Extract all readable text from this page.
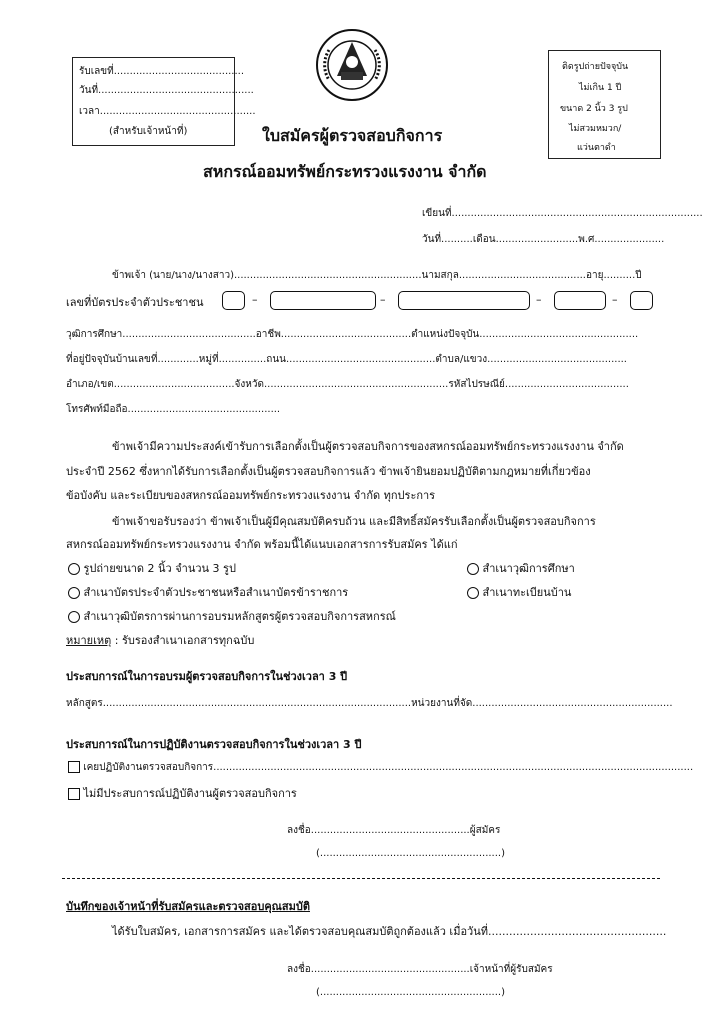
รับเลขที่.........................................
วันที่.................................................
เวลา.................................................
(สำหรับเจ้าหน้าที่)
ติดรูปถ่ายปัจจุบัน
ไม่เกิน 1 ปี
ขนาด 2 นิ้ว 3 รูป
ไม่สวมหมวก/
แว่นตาดำ
ใบสมัครผู้ตรวจสอบกิจการ
สหกรณ์ออมทรัพย์กระทรวงแรงงาน จำกัด
เขียนที่...............................................................................
วันที่..........เดือน..........................พ.ศ......................
ข้าพเจ้า (นาย/นาง/นางสาว)...........................................................นามสกุล........................................อายุ..........ปี
เลขที่บัตรประจำตัวประชาชน	–	–	–	–
วุฒิการศึกษา..........................................อาชีพ.........................................ตำแหน่งปัจจุบัน..................................................
ที่อยู่ปัจจุบันบ้านเลขที่.............หมู่ที่...............ถนน...............................................ตำบล/แขวง............................................
อำเภอ/เขต......................................จังหวัด..........................................................รหัสไปรษณีย์.......................................
โทรศัพท์มือถือ................................................
ข้าพเจ้ามีความประสงค์เข้ารับการเลือกตั้งเป็นผู้ตรวจสอบกิจการของสหกรณ์ออมทรัพย์กระทรวงแรงงาน จำกัด
ประจำปี 2562 ซึ่งหากได้รับการเลือกตั้งเป็นผู้ตรวจสอบกิจการแล้ว ข้าพเจ้ายินยอมปฏิบัติตามกฎหมายที่เกี่ยวข้อง
ข้อบังคับ และระเบียบของสหกรณ์ออมทรัพย์กระทรวงแรงงาน จำกัด ทุกประการ
ข้าพเจ้าขอรับรองว่า ข้าพเจ้าเป็นผู้มีคุณสมบัติครบถ้วน และมีสิทธิ์สมัครรับเลือกตั้งเป็นผู้ตรวจสอบกิจการ
สหกรณ์ออมทรัพย์กระทรวงแรงงาน จำกัด พร้อมนี้ได้แนบเอกสารการรับสมัคร ได้แก่
รูปถ่ายขนาด 2 นิ้ว จำนวน 3 รูป	สำเนาวุฒิการศึกษา
สำเนาบัตรประจำตัวประชาชนหรือสำเนาบัตรข้าราชการ	สำเนาทะเบียนบ้าน
สำเนาวุฒิบัตรการผ่านการอบรมหลักสูตรผู้ตรวจสอบกิจการสหกรณ์
หมายเหตุ : รับรองสำเนาเอกสารทุกฉบับ
ประสบการณ์ในการอบรมผู้ตรวจสอบกิจการในช่วงเวลา 3 ปี
หลักสูตร.................................................................................................หน่วยงานที่จัด...............................................................
ประสบการณ์ในการปฏิบัติงานตรวจสอบกิจการในช่วงเวลา 3 ปี
เคยปฏิบัติงานตรวจสอบกิจการ.......................................................................................................................................................
ไม่มีประสบการณ์ปฏิบัติงานผู้ตรวจสอบกิจการ
ลงชื่อ..................................................ผู้สมัคร
(.........................................................)
บันทึกของเจ้าหน้าที่รับสมัครและตรวจสอบคุณสมบัติ
ได้รับใบสมัคร, เอกสารการสมัคร และได้ตรวจสอบคุณสมบัติถูกต้องแล้ว เมื่อวันที่...................................................
ลงชื่อ..................................................เจ้าหน้าที่ผู้รับสมัคร
(.........................................................)
